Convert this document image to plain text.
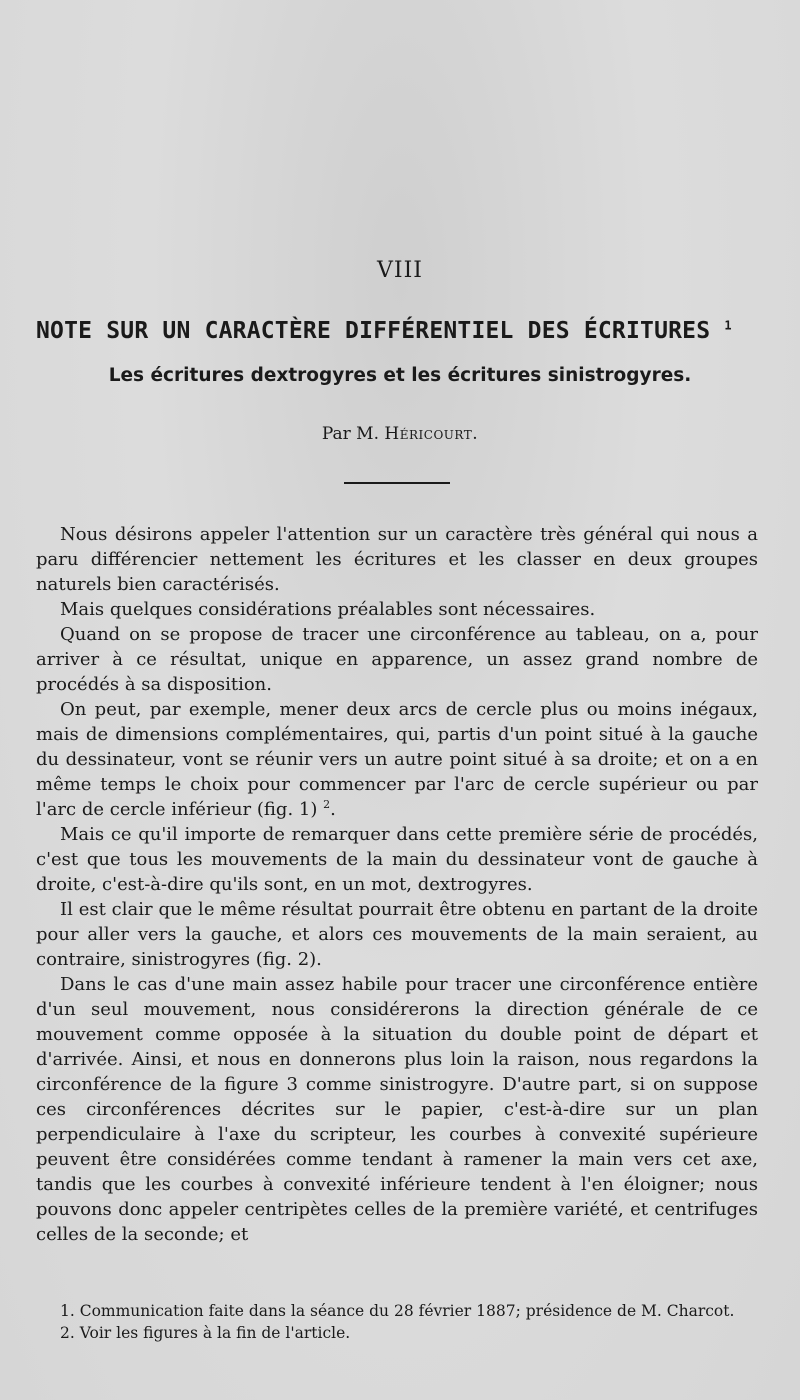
VIII
NOTE SUR UN CARACTÈRE DIFFÉRENTIEL DES ÉCRITURES $^1$
Les écritures dextrogyres et les écritures sinistrogyres.
Par M. Héricourt.

Nous désirons appeler l'attention sur un caractère très général qui nous a paru différencier nettement les écritures et les classer en deux groupes naturels bien caractérisés.

Mais quelques considérations préalables sont nécessaires.

Quand on se propose de tracer une circonférence au tableau, on a, pour arriver à ce résultat, unique en apparence, un assez grand nombre de procédés à sa disposition.

On peut, par exemple, mener deux arcs de cercle plus ou moins inégaux, mais de dimensions complémentaires, qui, partis d'un point situé à la gauche du dessinateur, vont se réunir vers un autre point situé à sa droite; et on a en même temps le choix pour commencer par l'arc de cercle supérieur ou par l'arc de cercle inférieur (fig. 1) $^2$.

Mais ce qu'il importe de remarquer dans cette première série de procédés, c'est que tous les mouvements de la main du dessinateur vont de gauche à droite, c'est-à-dire qu'ils sont, en un mot, dextrogyres.

Il est clair que le même résultat pourrait être obtenu en partant de la droite pour aller vers la gauche, et alors ces mouvements de la main seraient, au contraire, sinistrogyres (fig. 2).

Dans le cas d'une main assez habile pour tracer une circonférence entière d'un seul mouvement, nous considérerons la direction générale de ce mouvement comme opposée à la situation du double point de départ et d'arrivée. Ainsi, et nous en donnerons plus loin la raison, nous regardons la circonférence de la figure 3 comme sinistrogyre. D'autre part, si on suppose ces circonférences décrites sur le papier, c'est-à-dire sur un plan perpendiculaire à l'axe du scripteur, les courbes à convexité supérieure peuvent être considérées comme tendant à ramener la main vers cet axe, tandis que les courbes à convexité inférieure tendent à l'en éloigner; nous pouvons donc appeler centripètes celles de la première variété, et centrifuges celles de la seconde; et

1. Communication faite dans la séance du 28 février 1887; présidence de M. Charcot.

2. Voir les figures à la fin de l'article.
